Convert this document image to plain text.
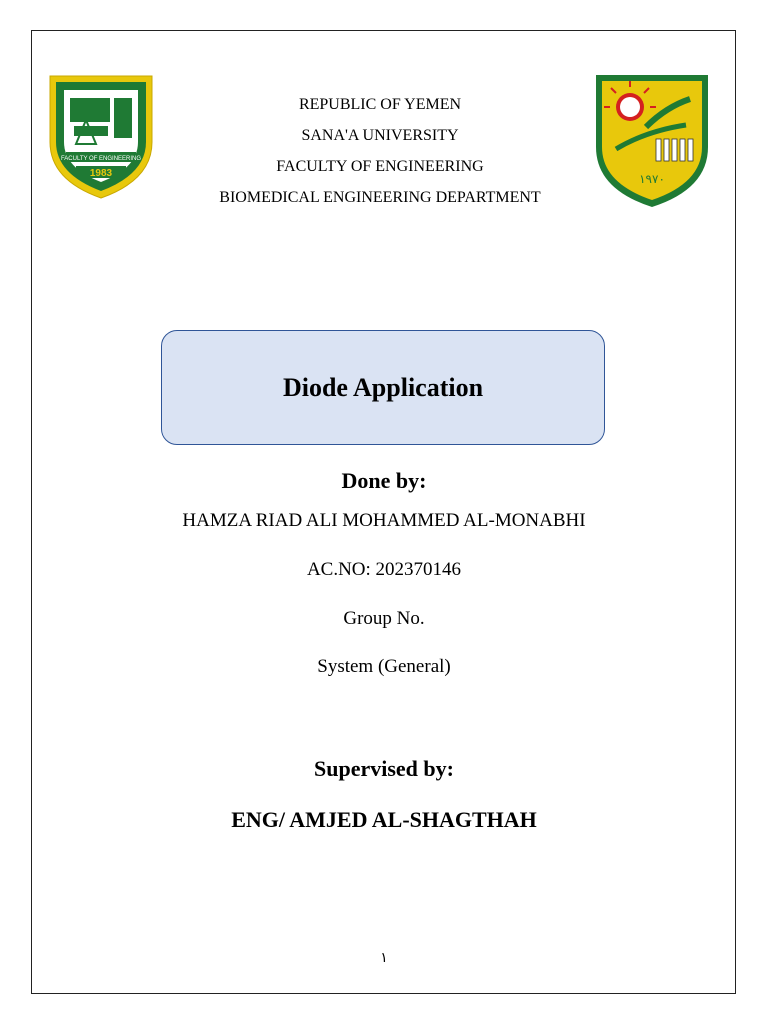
FACULTY OF ENGINEERING
1983	١٩٧٠
REPUBLIC OF YEMEN
SANA'A UNIVERSITY
FACULTY OF ENGINEERING
BIOMEDICAL ENGINEERING DEPARTMENT
Diode Application
Done by:
HAMZA RIAD ALI MOHAMMED AL-MONABHI
AC.NO: 202370146
Group No.
System (General)
Supervised by:
ENG/ AMJED AL-SHAGTHAH
١
